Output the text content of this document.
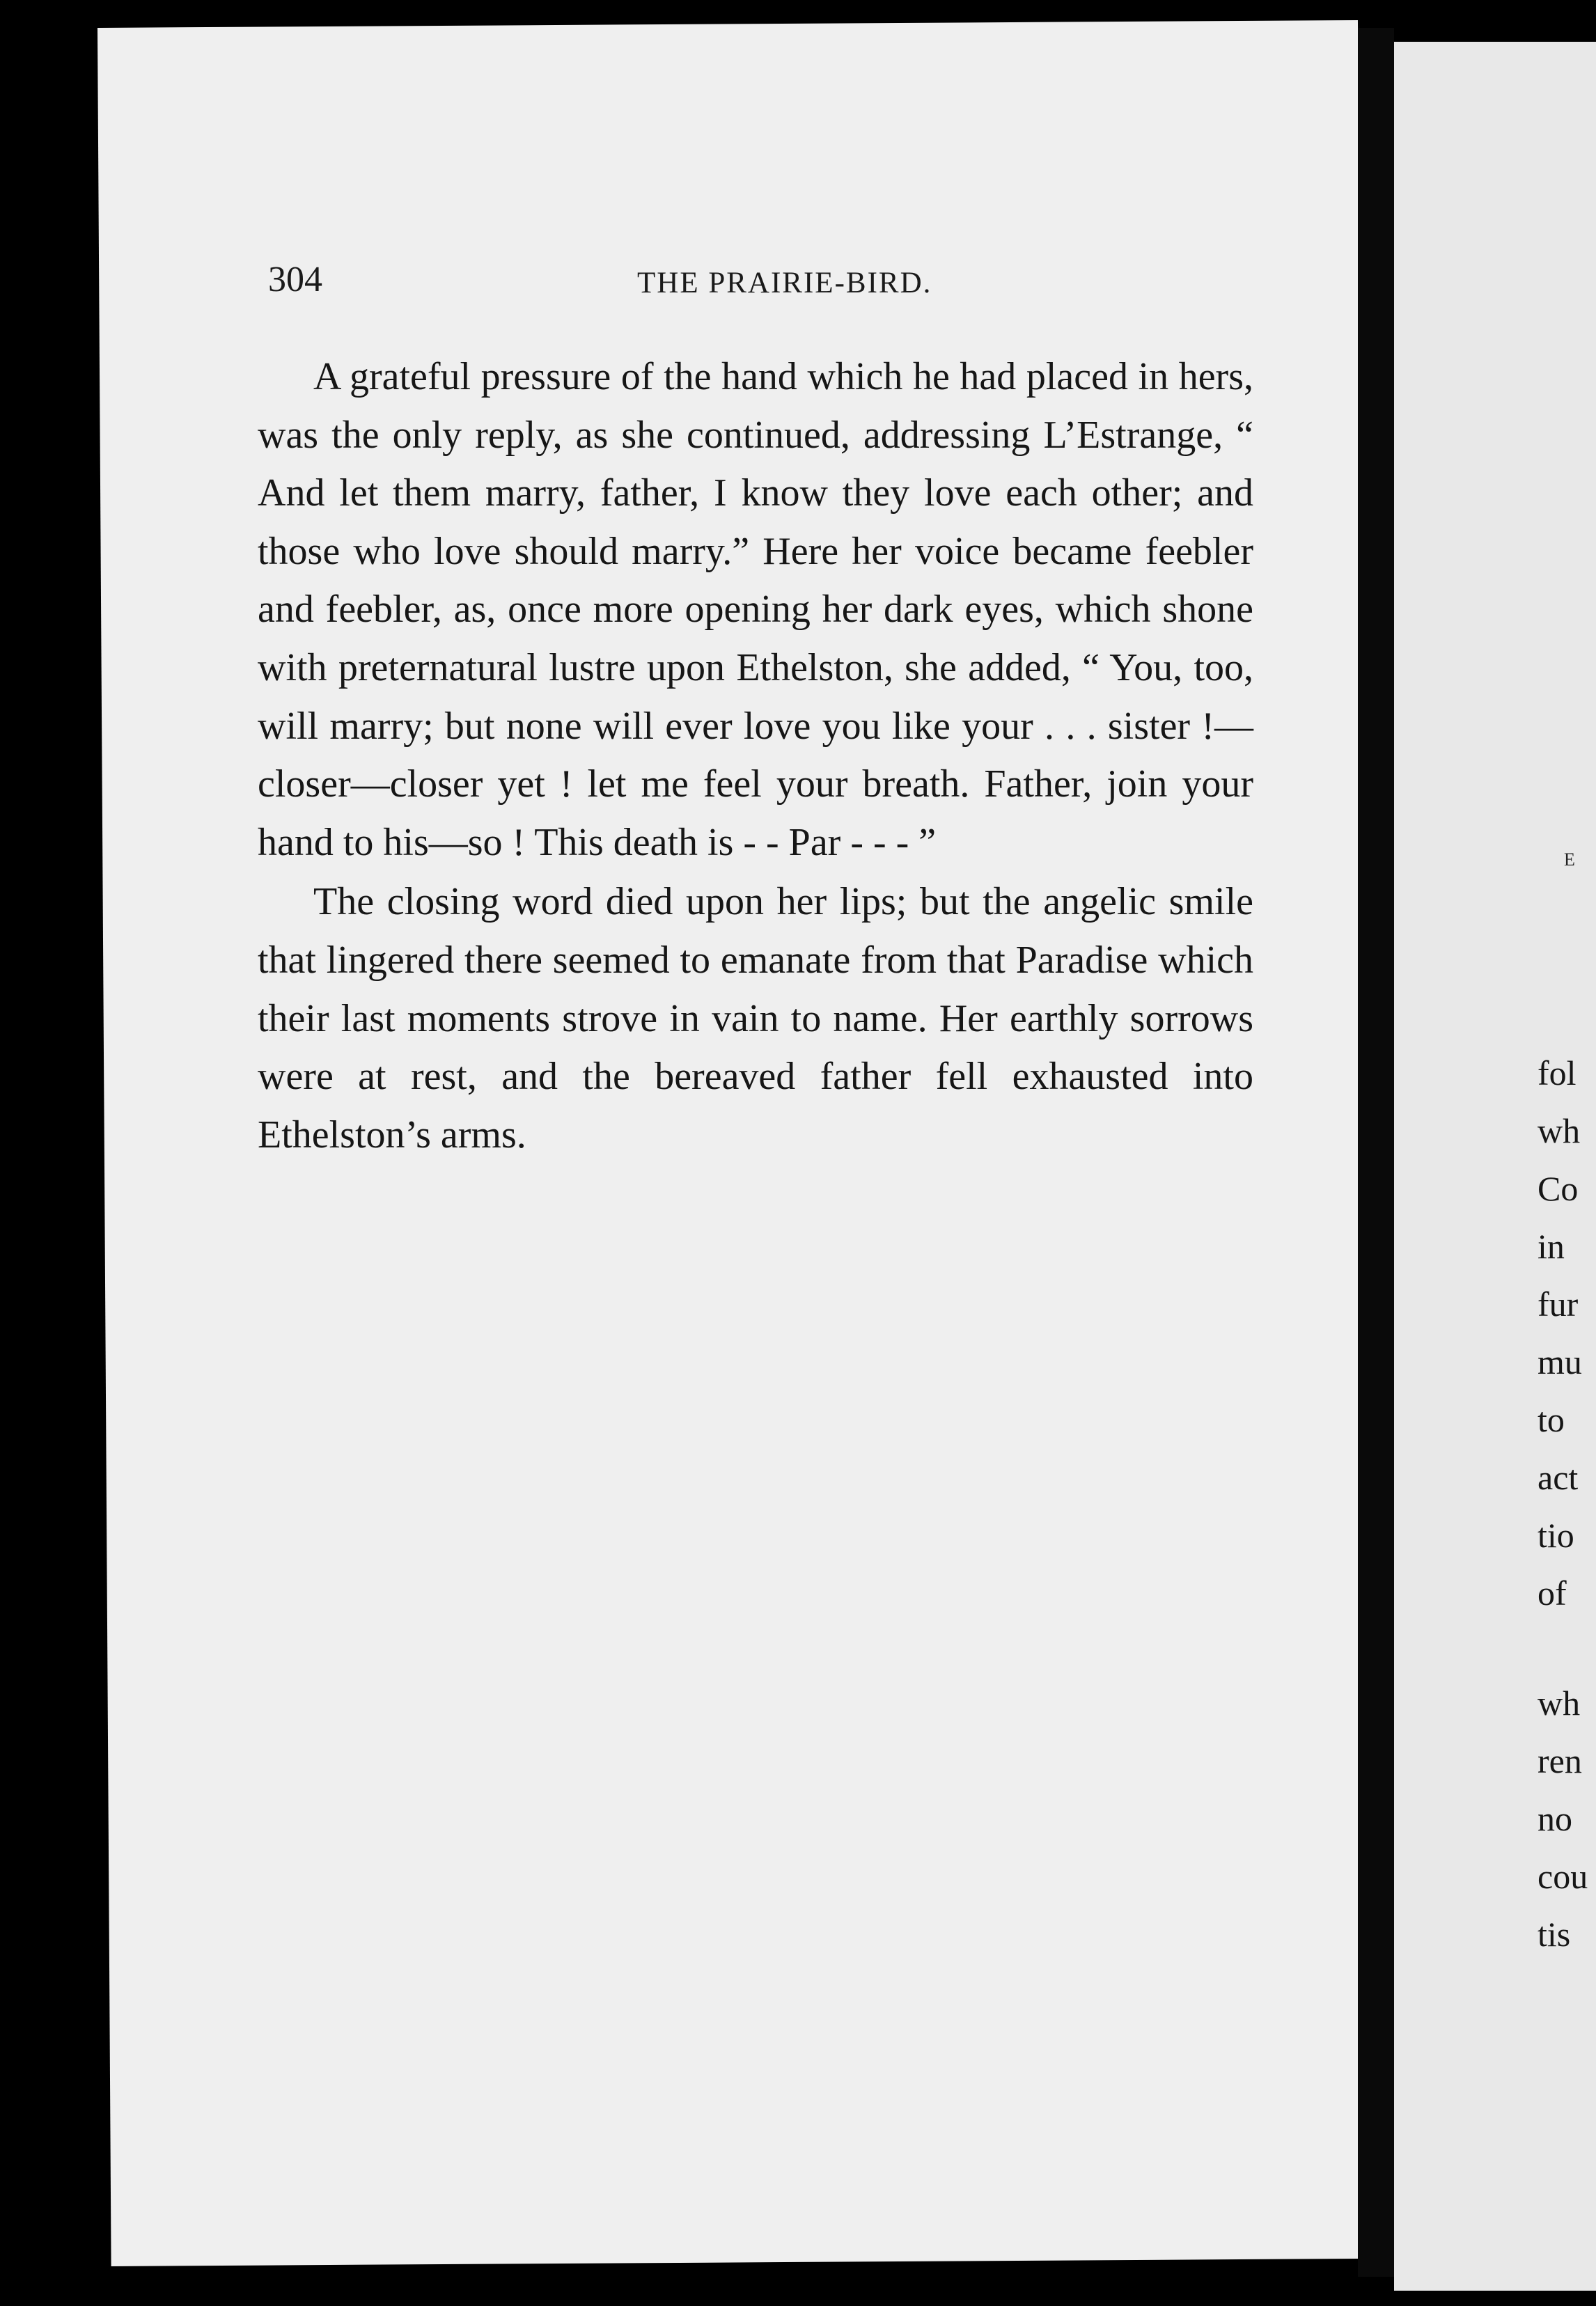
304	THE PRAIRIE-BIRD.

A grateful pressure of the hand which he had placed in hers, was the only reply, as she continued, addressing L’Estrange, “ And let them marry, father, I know they love each other; and those who love should marry.” Here her voice became feebler and feebler, as, once more opening her dark eyes, which shone with preternatural lustre upon Ethelston, she added, “ You, too, will marry; but none will ever love you like your . . . sister !—closer—closer yet ! let me feel your breath. Father, join your hand to his—so ! This death is - - Par - - - ”

The closing word died upon her lips; but the angelic smile that lingered there seemed to emanate from that Paradise which their last moments strove in vain to name. Her earthly sorrows were at rest, and the bereaved father fell exhausted into Ethelston’s arms.

E
fol
wh
Co
in
fur
mu
to
act
tio
of
wh
ren
no
cou
tis
